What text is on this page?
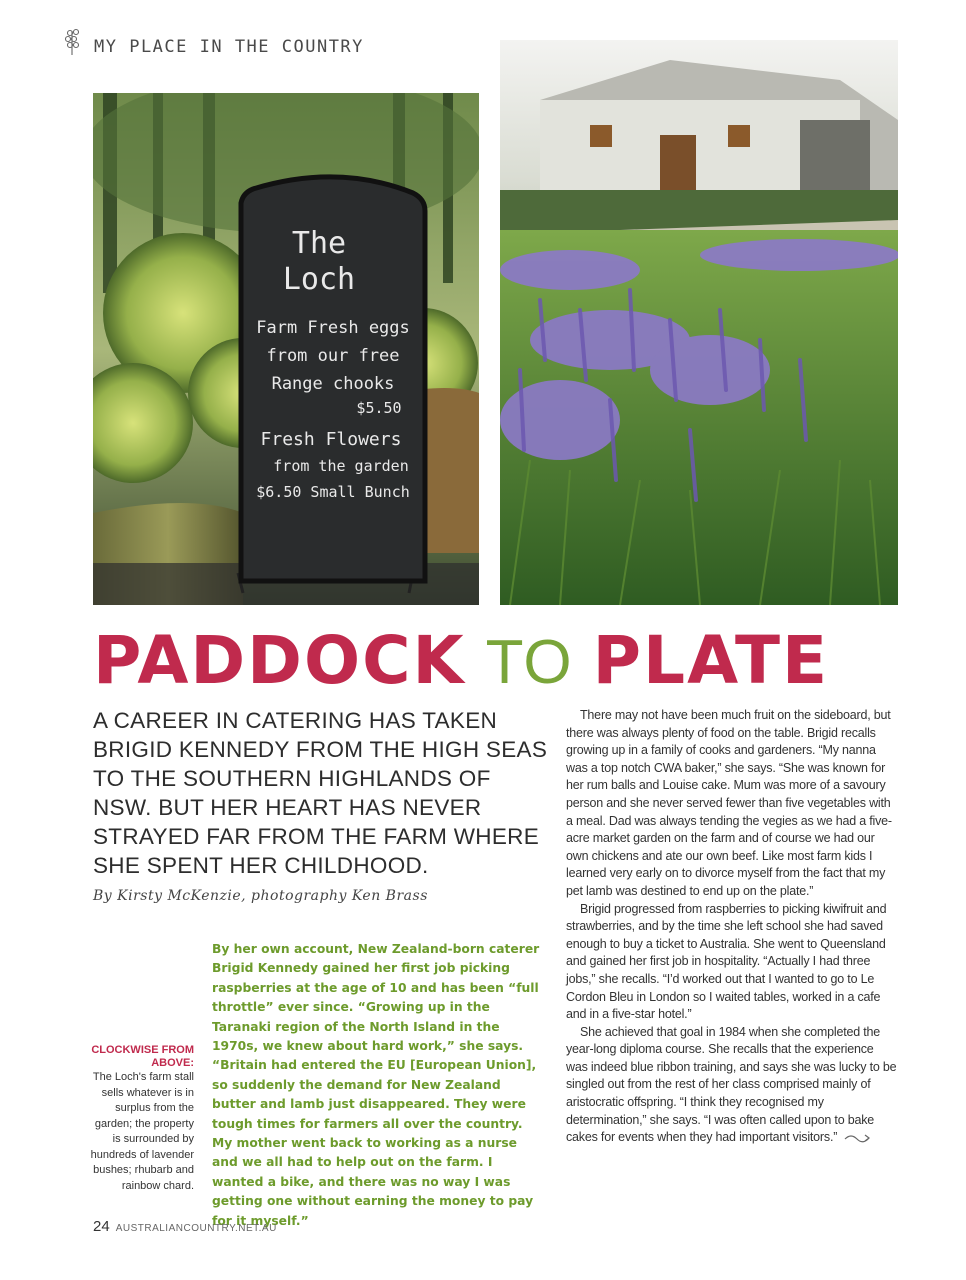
MY PLACE IN THE COUNTRY
The
Loch
Farm Fresh eggs
from our free
Range chooks
$5.50
Fresh Flowers
from the garden
$6.50 Small Bunch
PADDOCK TO PLATE
A CAREER IN CATERING HAS TAKEN BRIGID KENNEDY FROM THE HIGH SEAS TO THE SOUTHERN HIGHLANDS OF NSW. BUT HER HEART HAS NEVER STRAYED FAR FROM THE FARM WHERE SHE SPENT HER CHILDHOOD.
By Kirsty McKenzie, photography Ken Brass
CLOCKWISE FROM ABOVE:
The Loch's farm stall sells whatever is in surplus from the garden; the property is surrounded by hundreds of lavender bushes; rhubarb and rainbow chard.
By her own account, New Zealand-born caterer Brigid Kennedy gained her first job picking raspberries at the age of 10 and has been “full throttle” ever since. “Growing up in the Taranaki region of the North Island in the 1970s, we knew about hard work,” she says. “Britain had entered the EU [European Union], so suddenly the demand for New Zealand butter and lamb just disappeared. They were tough times for farmers all over the country. My mother went back to working as a nurse and we all had to help out on the farm. I wanted a bike, and there was no way I was getting one without earning the money to pay for it myself.”

There may not have been much fruit on the sideboard, but there was always plenty of food on the table. Brigid recalls growing up in a family of cooks and gardeners. “My nanna was a top notch CWA baker,” she says. “She was known for her rum balls and Louise cake. Mum was more of a savoury person and she never served fewer than five vegetables with a meal. Dad was always tending the vegies as we had a five-acre market garden on the farm and of course we had our own chickens and ate our own beef. Like most farm kids I learned very early on to divorce myself from the fact that my pet lamb was destined to end up on the plate.”

Brigid progressed from raspberries to picking kiwifruit and strawberries, and by the time she left school she had saved enough to buy a ticket to Australia. She went to Queensland and gained her first job in hospitality. “Actually I had three jobs,” she recalls. “I’d worked out that I wanted to go to Le Cordon Bleu in London so I waited tables, worked in a cafe and in a five-star hotel.”

She achieved that goal in 1984 when she completed the year-long diploma course. She recalls that the experience was indeed blue ribbon training, and says she was lucky to be singled out from the rest of her class comprised mainly of aristocratic offspring. “I think they recognised my determination,” she says. “I was often called upon to bake cakes for events when they had important visitors.”

24 AUSTRALIANCOUNTRY.NET.AU
